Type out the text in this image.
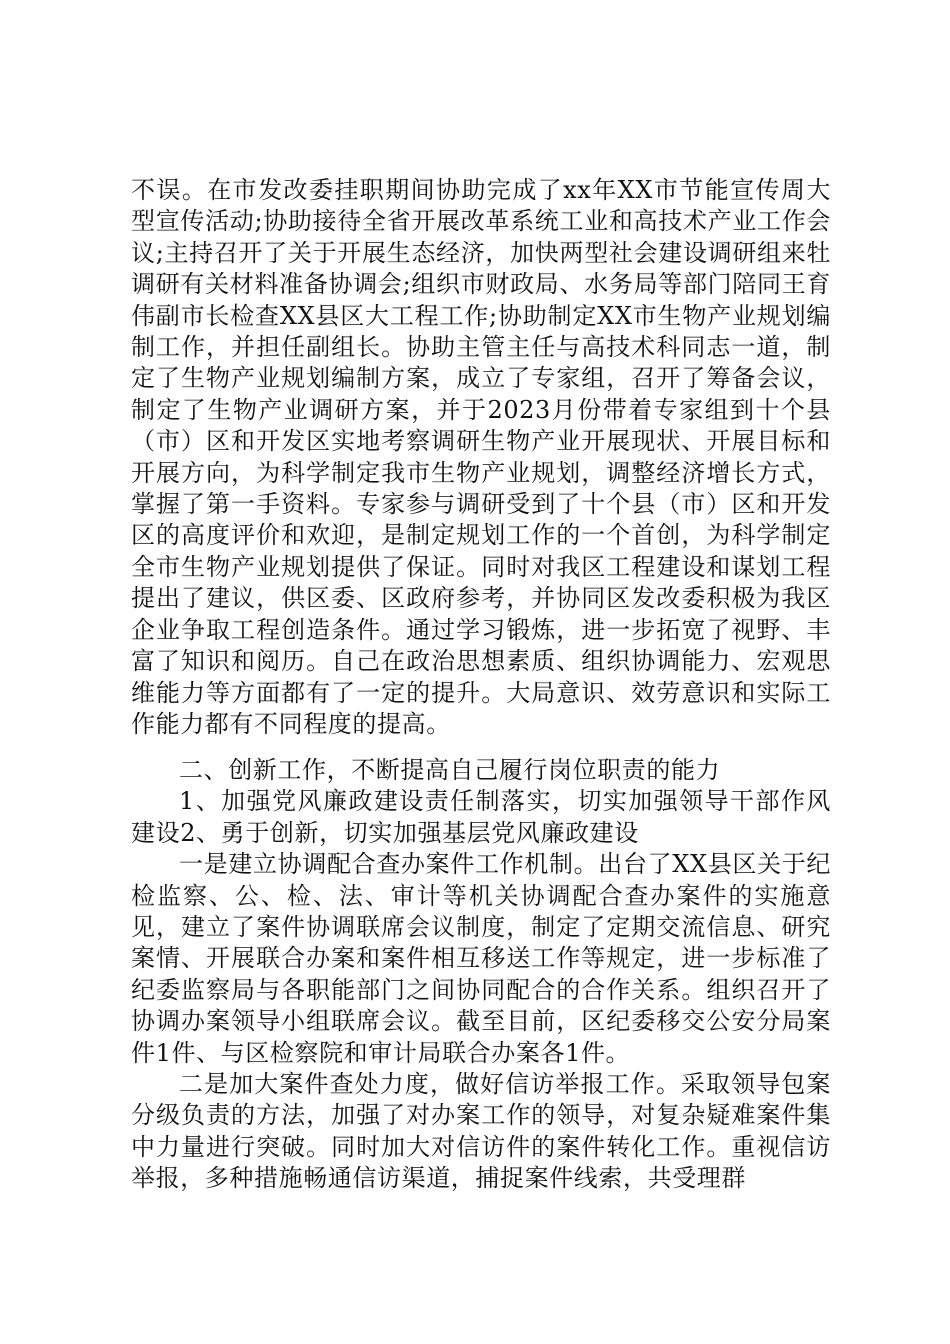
不误。在市发改委挂职期间协助完成了xx年XX市节能宣传周大型宣传活动;协助接待全省开展改革系统工业和高技术产业工作会议;主持召开了关于开展生态经济，加快两型社会建设调研组来牡调研有关材料准备协调会;组织市财政局、水务局等部门陪同王育伟副市长检查XX县区大工程工作;协助制定XX市生物产业规划编制工作，并担任副组长。协助主管主任与高技术科同志一道，制定了生物产业规划编制方案，成立了专家组，召开了筹备会议，制定了生物产业调研方案，并于2023月份带着专家组到十个县（市）区和开发区实地考察调研生物产业开展现状、开展目标和开展方向，为科学制定我市生物产业规划，调整经济增长方式，掌握了第一手资料。专家参与调研受到了十个县（市）区和开发区的高度评价和欢迎，是制定规划工作的一个首创，为科学制定全市生物产业规划提供了保证。同时对我区工程建设和谋划工程提出了建议，供区委、区政府参考，并协同区发改委积极为我区企业争取工程创造条件。通过学习锻炼，进一步拓宽了视野、丰富了知识和阅历。自己在政治思想素质、组织协调能力、宏观思维能力等方面都有了一定的提升。大局意识、效劳意识和实际工作能力都有不同程度的提高。

二、创新工作，不断提高自己履行岗位职责的能力

1、加强党风廉政建设责任制落实，切实加强领导干部作风建设2、勇于创新，切实加强基层党风廉政建设

一是建立协调配合查办案件工作机制。出台了XX县区关于纪检监察、公、检、法、审计等机关协调配合查办案件的实施意见，建立了案件协调联席会议制度，制定了定期交流信息、研究案情、开展联合办案和案件相互移送工作等规定，进一步标准了纪委监察局与各职能部门之间协同配合的合作关系。组织召开了协调办案领导小组联席会议。截至目前，区纪委移交公安分局案件1件、与区检察院和审计局联合办案各1件。

二是加大案件查处力度，做好信访举报工作。采取领导包案分级负责的方法，加强了对办案工作的领导，对复杂疑难案件集中力量进行突破。同时加大对信访件的案件转化工作。重视信访举报，多种措施畅通信访渠道，捕捉案件线索，共受理群
